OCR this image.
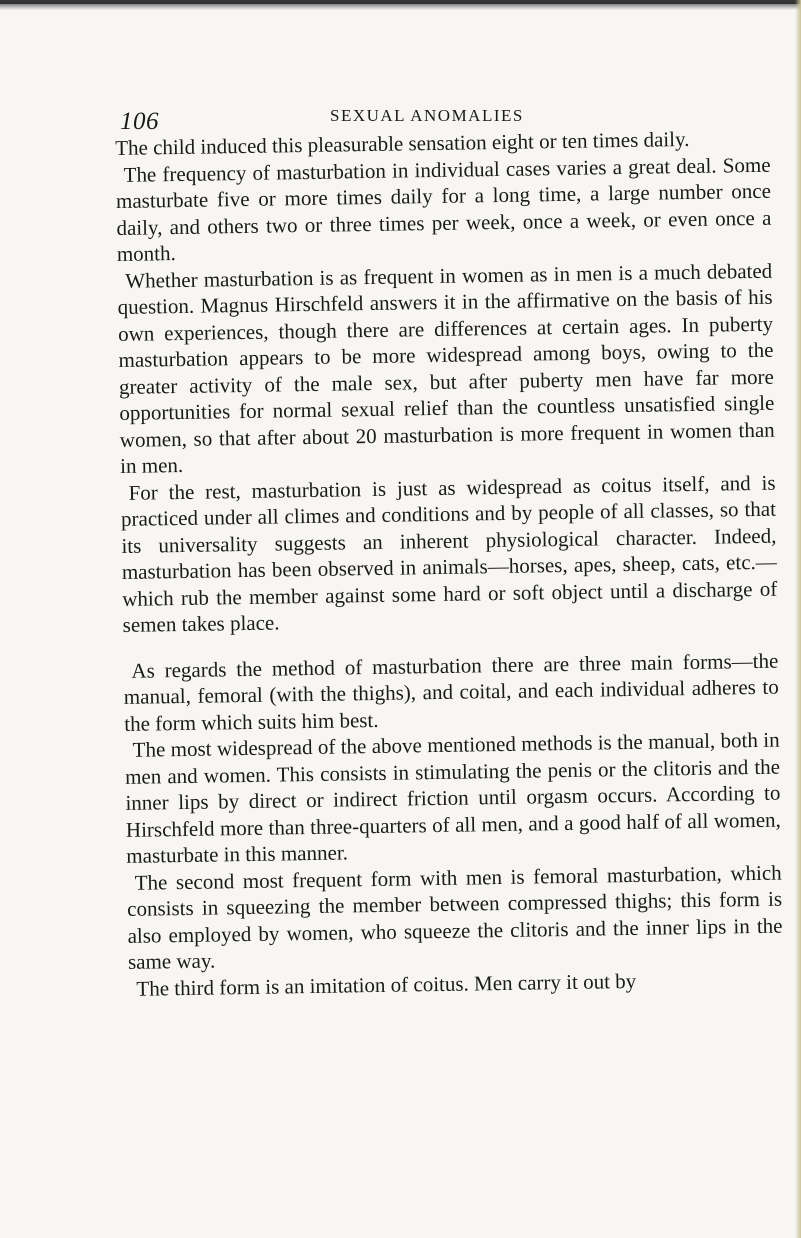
106	SEXUAL ANOMALIES

The child induced this pleasurable sensation eight or ten times daily.

The frequency of masturbation in individual cases varies a great deal. Some masturbate five or more times daily for a long time, a large number once daily, and others two or three times per week, once a week, or even once a month.

Whether masturbation is as frequent in women as in men is a much debated question. Magnus Hirschfeld answers it in the affirmative on the basis of his own experiences, though there are differences at certain ages. In puberty masturbation appears to be more widespread among boys, owing to the greater activity of the male sex, but after puberty men have far more opportunities for normal sexual relief than the countless unsatisfied single women, so that after about 20 masturbation is more frequent in women than in men.

For the rest, masturbation is just as widespread as coitus itself, and is practiced under all climes and conditions and by people of all classes, so that its universality suggests an inherent physiological character. Indeed, masturbation has been observed in animals—horses, apes, sheep, cats, etc.—which rub the member against some hard or soft object until a discharge of semen takes place.

As regards the method of masturbation there are three main forms—the manual, femoral (with the thighs), and coital, and each individual adheres to the form which suits him best.

The most widespread of the above mentioned methods is the manual, both in men and women. This consists in stimulating the penis or the clitoris and the inner lips by direct or indirect friction until orgasm occurs. According to Hirschfeld more than three-quarters of all men, and a good half of all women, masturbate in this manner.

The second most frequent form with men is femoral masturbation, which consists in squeezing the member between compressed thighs; this form is also employed by women, who squeeze the clitoris and the inner lips in the same way.

The third form is an imitation of coitus. Men carry it out by
